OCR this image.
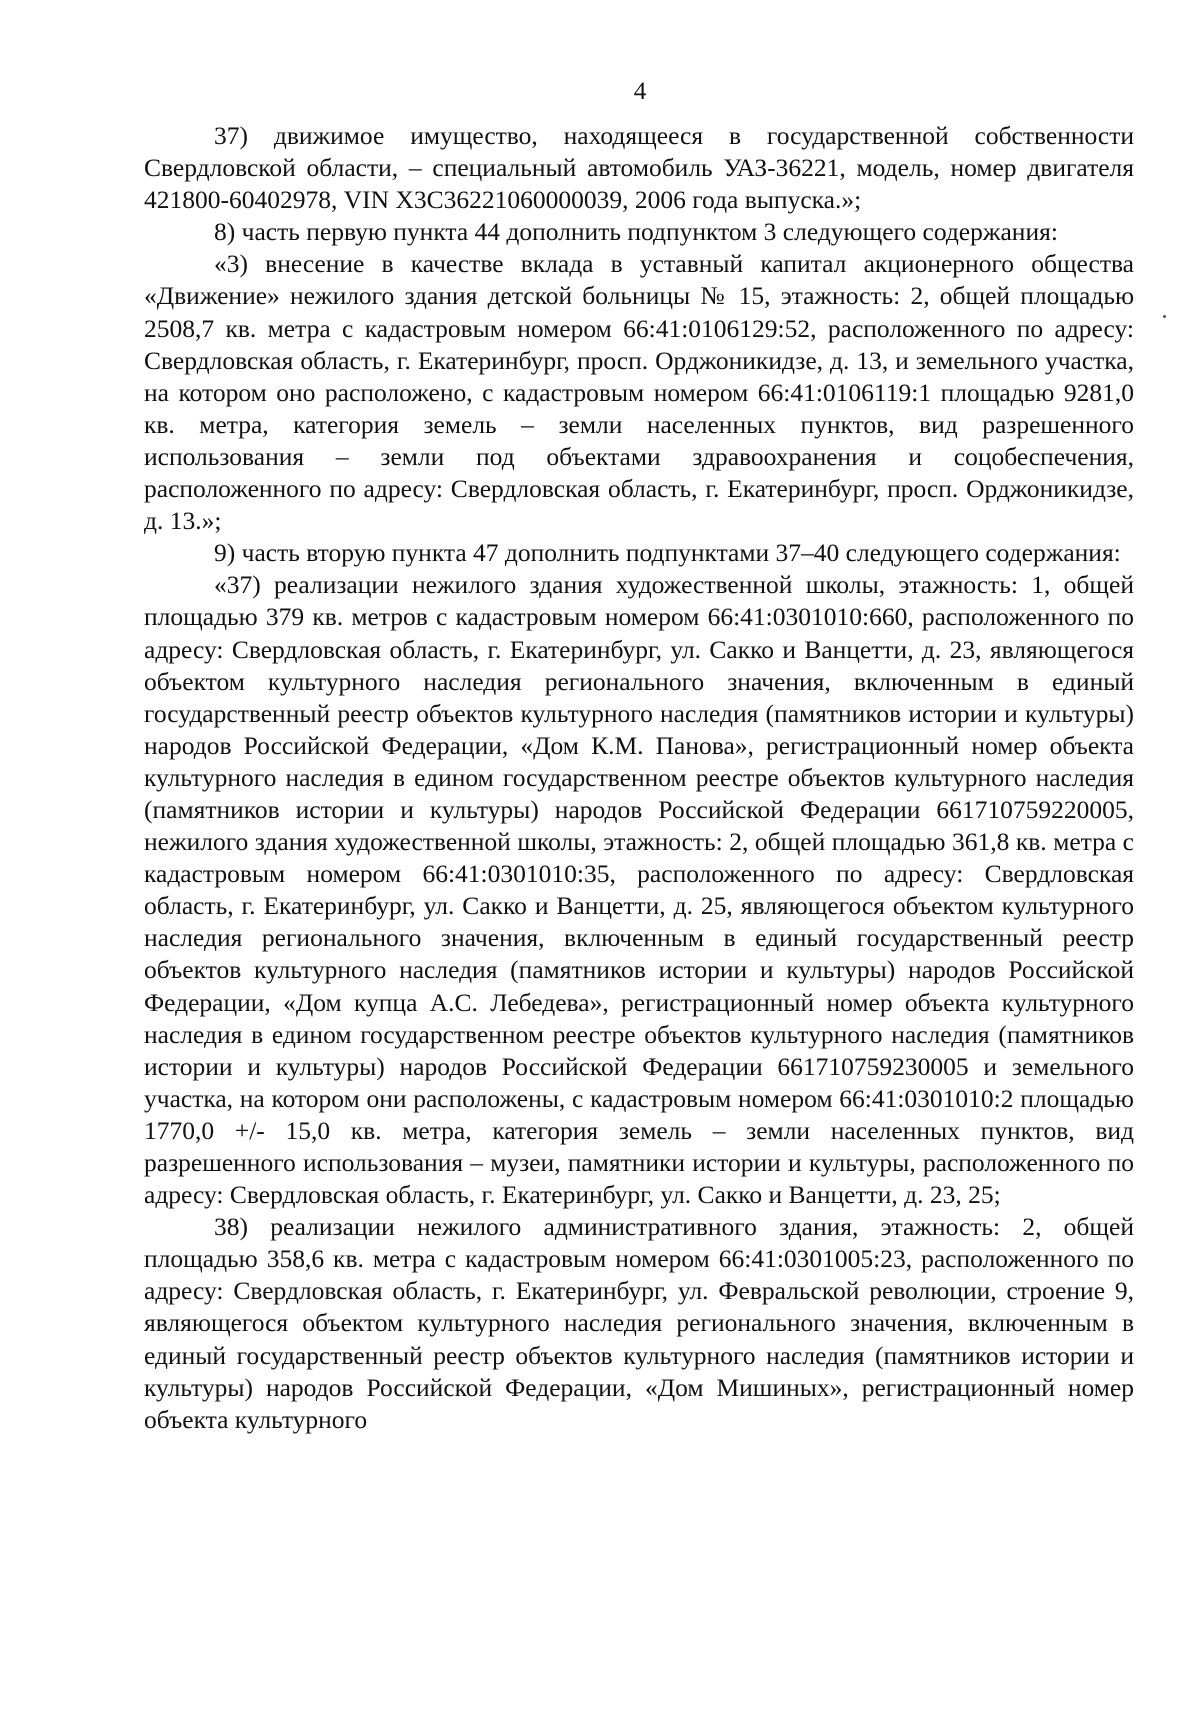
4

37) движимое имущество, находящееся в государственной собственности Свердловской области, – специальный автомобиль УАЗ-36221, модель, номер двигателя 421800-60402978, VIN X3C36221060000039, 2006 года выпуска.»;

8) часть первую пункта 44 дополнить подпунктом 3 следующего содержания:

«3) внесение в качестве вклада в уставный капитал акционерного общества «Движение» нежилого здания детской больницы № 15, этажность: 2, общей площадью 2508,7 кв. метра с кадастровым номером 66:41:0106129:52, расположенного по адресу: Свердловская область, г. Екатеринбург, просп. Орджоникидзе, д. 13, и земельного участка, на котором оно расположено, с кадастровым номером 66:41:0106119:1 площадью 9281,0 кв. метра, категория земель – земли населенных пунктов, вид разрешенного использования – земли под объектами здравоохранения и соцобеспечения, расположенного по адресу: Свердловская область, г. Екатеринбург, просп. Орджоникидзе, д. 13.»;

9) часть вторую пункта 47 дополнить подпунктами 37–40 следующего содержания:

«37) реализации нежилого здания художественной школы, этажность: 1, общей площадью 379 кв. метров с кадастровым номером 66:41:0301010:660, расположенного по адресу: Свердловская область, г. Екатеринбург, ул. Сакко и Ванцетти, д. 23, являющегося объектом культурного наследия регионального значения, включенным в единый государственный реестр объектов культурного наследия (памятников истории и культуры) народов Российской Федерации, «Дом К.М. Панова», регистрационный номер объекта культурного наследия в едином государственном реестре объектов культурного наследия (памятников истории и культуры) народов Российской Федерации 661710759220005, нежилого здания художественной школы, этажность: 2, общей площадью 361,8 кв. метра с кадастровым номером 66:41:0301010:35, расположенного по адресу: Свердловская область, г. Екатеринбург, ул. Сакко и Ванцетти, д. 25, являющегося объектом культурного наследия регионального значения, включенным в единый государственный реестр объектов культурного наследия (памятников истории и культуры) народов Российской Федерации, «Дом купца А.С. Лебедева», регистрационный номер объекта культурного наследия в едином государственном реестре объектов культурного наследия (памятников истории и культуры) народов Российской Федерации 661710759230005 и земельного участка, на котором они расположены, с кадастровым номером 66:41:0301010:2 площадью 1770,0 +/- 15,0 кв. метра, категория земель – земли населенных пунктов, вид разрешенного использования – музеи, памятники истории и культуры, расположенного по адресу: Свердловская область, г. Екатеринбург, ул. Сакко и Ванцетти, д. 23, 25;

38) реализации нежилого административного здания, этажность: 2, общей площадью 358,6 кв. метра с кадастровым номером 66:41:0301005:23, расположенного по адресу: Свердловская область, г. Екатеринбург, ул. Февральской революции, строение 9, являющегося объектом культурного наследия регионального значения, включенным в единый государственный реестр объектов культурного наследия (памятников истории и культуры) народов Российской Федерации, «Дом Мишиных», регистрационный номер объекта культурного
